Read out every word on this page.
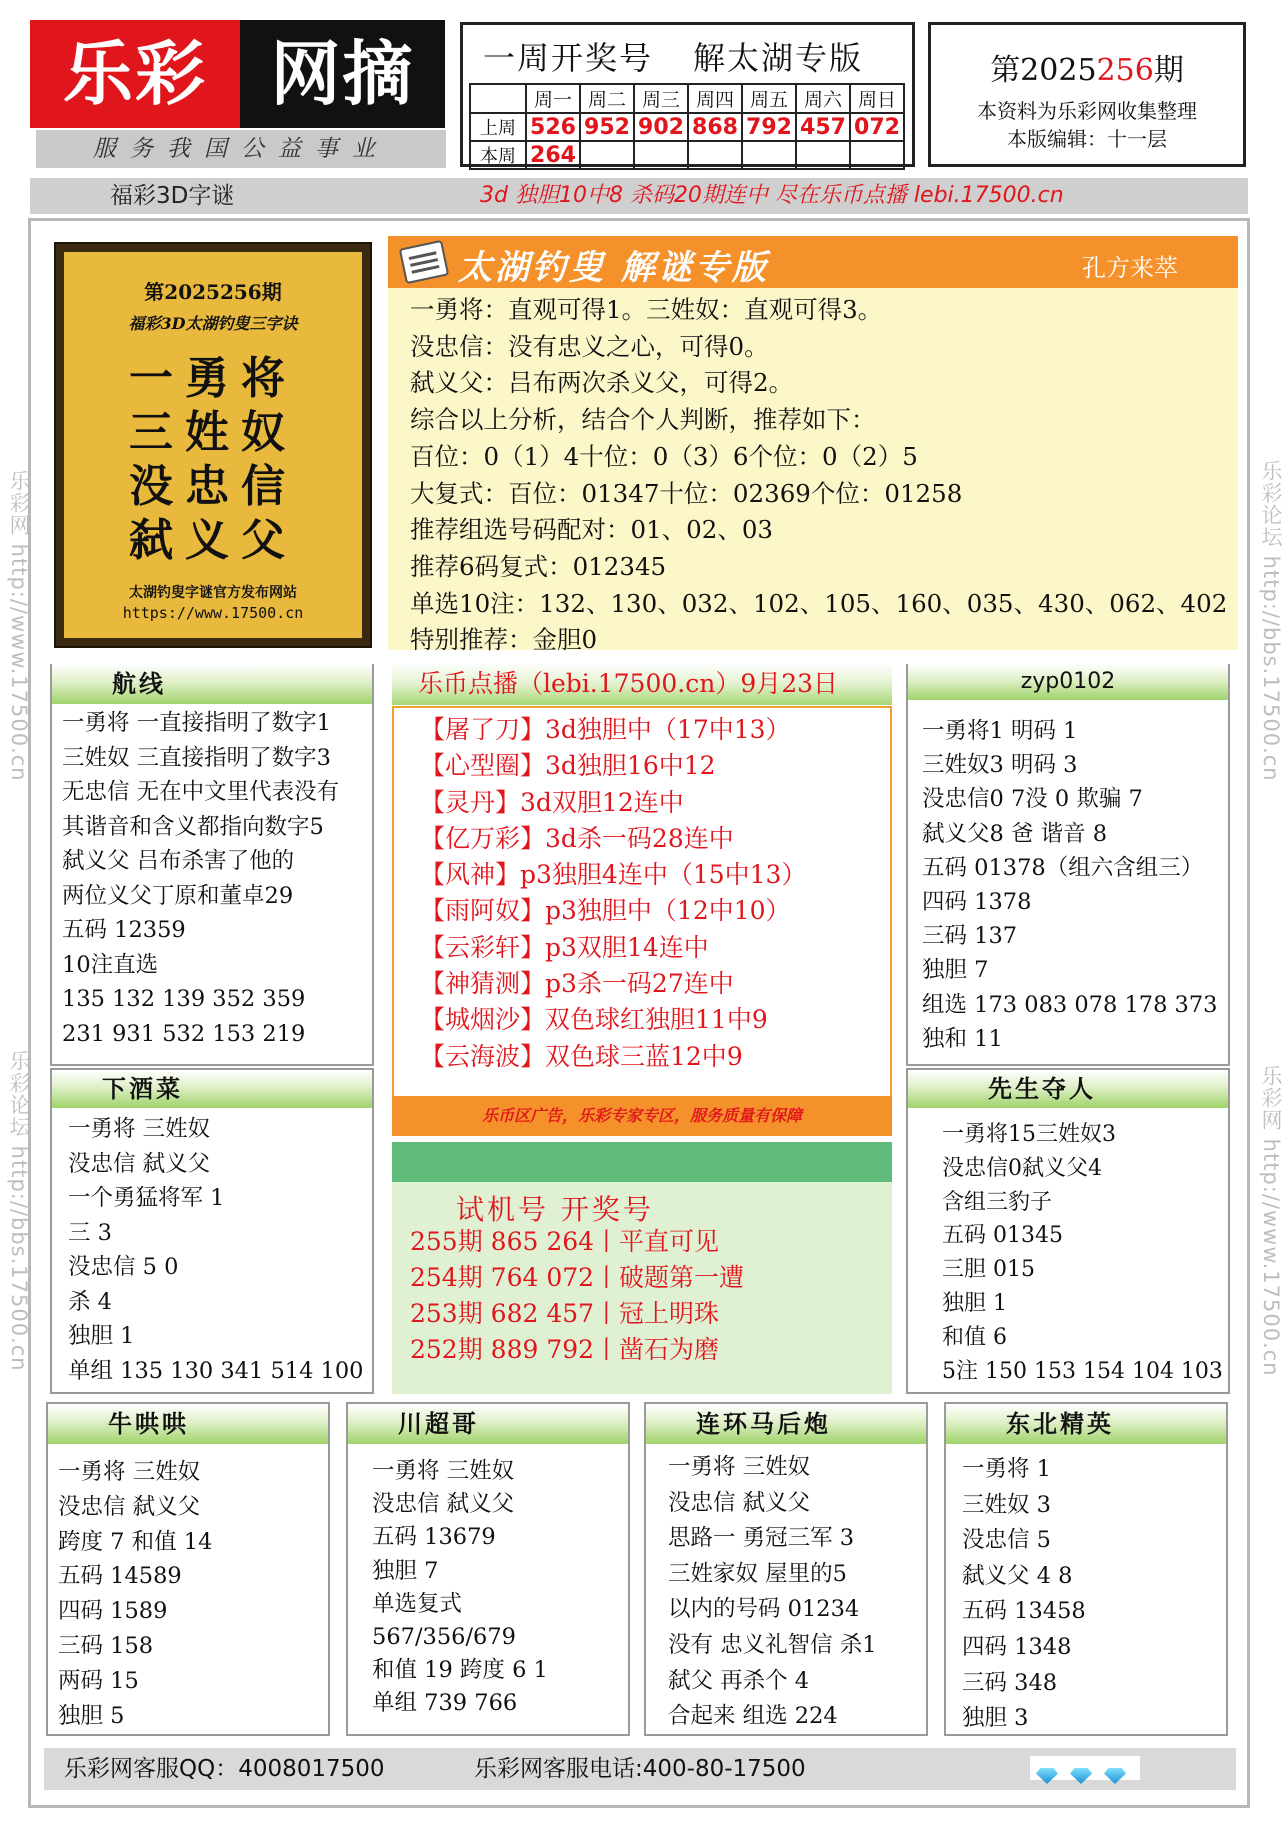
乐彩 网摘
服务我国公益事业
一周开奖号 解太湖专版
	周一	周二	周三	周四	周五	周六	周日
上周	526	952	902	868	792	457	072
本周	264						
第2025256期
本资料为乐彩网收集整理
本版编辑：十一层
福彩3D字谜	3d 独胆10中8 杀码20期连中 尽在乐币点播 lebi.17500.cn
乐彩网 http://www.17500.cn
乐彩论坛 http://bbs.17500.cn
乐彩论坛 http://bbs.17500.cn
乐彩网 http://www.17500.cn
第2025256期
福彩3D太湖钓叟三字诀
一勇将
三姓奴
没忠信
弑义父
太湖钓叟字谜官方发布网站
https://www.17500.cn
太湖钓叟 解谜专版	孔方来萃
一勇将：直观可得1。三姓奴：直观可得3。
没忠信：没有忠义之心，可得0。
弑义父：吕布两次杀义父，可得2。
综合以上分析，结合个人判断，推荐如下：
百位：0（1）4十位：0（3）6个位：0（2）5
大复式：百位：01347十位：02369个位：01258
推荐组选号码配对：01、02、03
推荐6码复式：012345
单选10注：132、130、032、102、105、160、035、430、062、402
特别推荐：金胆0
航线
一勇将 一直接指明了数字1
三姓奴 三直接指明了数字3
无忠信 无在中文里代表没有
其谐音和含义都指向数字5
弑义父 吕布杀害了他的
两位义父丁原和董卓29
五码 12359
10注直选
135 132 139 352 359
231 931 532 153 219
乐币点播（lebi.17500.cn）9月23日
【屠了刀】3d独胆中（17中13）
【心型圈】3d独胆16中12
【灵丹】3d双胆12连中
【亿万彩】3d杀一码28连中
【风神】p3独胆4连中（15中13）
【雨阿奴】p3独胆中（12中10）
【云彩轩】p3双胆14连中
【神猜测】p3杀一码27连中
【城烟沙】双色球红独胆11中9
【云海波】双色球三蓝12中9
乐币区广告，乐彩专家专区，服务质量有保障
zyp0102
一勇将1 明码 1
三姓奴3 明码 3
没忠信0 7没 0 欺骗 7
弑义父8 爸 谐音 8
五码 01378（组六含组三）
四码 1378
三码 137
独胆 7
组选 173 083 078 178 373
独和 11
下酒菜
一勇将 三姓奴
没忠信 弑义父
一个勇猛将军 1
三 3
没忠信 5 0
杀 4
独胆 1
单组 135 130 341 514 100
试机号 开奖号
255期 865 264丨平直可见
254期 764 072丨破题第一遭
253期 682 457丨冠上明珠
252期 889 792丨凿石为磨
先生夺人
一勇将15三姓奴3
没忠信0弑义父4
含组三豹子
五码 01345
三胆 015
独胆 1
和值 6
5注 150 153 154 104 103
牛哄哄
一勇将 三姓奴
没忠信 弑义父
跨度 7 和值 14
五码 14589
四码 1589
三码 158
两码 15
独胆 5
川超哥
一勇将 三姓奴
没忠信 弑义父
五码 13679
独胆 7
单选复式
567/356/679
和值 19 跨度 6 1
单组 739 766
连环马后炮
一勇将 三姓奴
没忠信 弑义父
思路一 勇冠三军 3
三姓家奴 屋里的5
以内的号码 01234
没有 忠义礼智信 杀1
弑父 再杀个 4
合起来 组选 224
东北精英
一勇将 1
三姓奴 3
没忠信 5
弑义父 4 8
五码 13458
四码 1348
三码 348
独胆 3
乐彩网客服QQ：4008017500	乐彩网客服电话:400-80-17500
